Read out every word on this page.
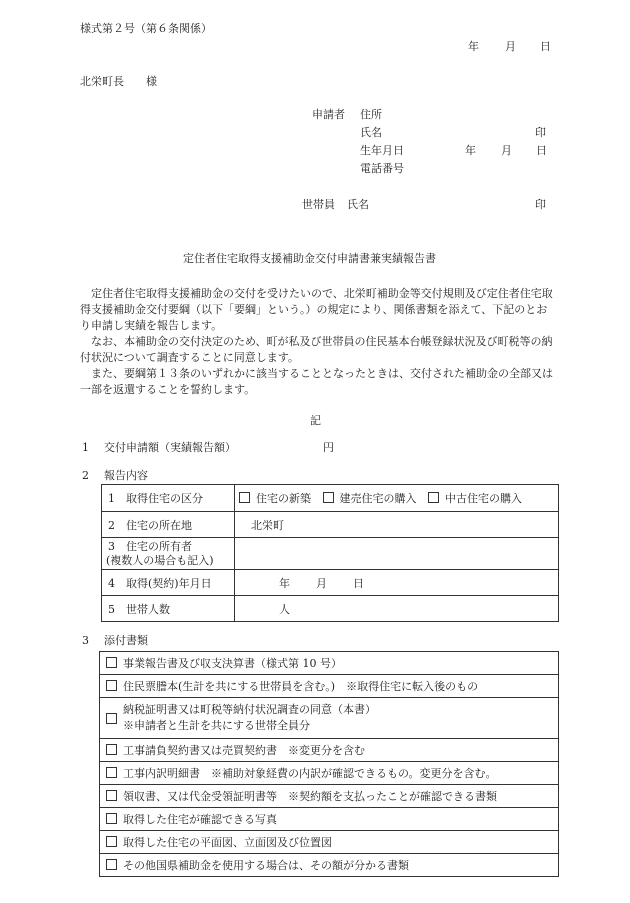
様式第２号（第６条関係）
年 月 日
北栄町長　　様
申請者 住所
氏名	印
生年月日	年 月 日
電話番号
世帯員 氏名	印
定住者住宅取得支援補助金交付申請書兼実績報告書

定住者住宅取得支援補助金の交付を受けたいので、北栄町補助金等交付規則及び定住者住宅取得支援補助金交付要綱（以下「要綱」という。）の規定により、関係書類を添えて、下記のとおり申請し実績を報告します。

なお、本補助金の交付決定のため、町が私及び世帯員の住民基本台帳登録状況及び町税等の納付状況について調査することに同意します。

また、要綱第１３条のいずれかに該当することとなったときは、交付された補助金の全部又は一部を返還することを誓約します。

記
1 交付申請額（実績報告額）	円
2 報告内容
1　取得住宅の区分	住宅の新築 建売住宅の購入 中古住宅の購入
2　住宅の所在地	北栄町

3　住宅の所有者
(複数人の場合も記入)	

4　取得(契約)年月日	年 月 日
5　世帯人数	人
3 添付書類
事業報告書及び収支決算書（様式第 10 号）
住民票謄本(生計を共にする世帯員を含む。)　※取得住宅に転入後のもの

納税証明書又は町税等納付状況調査の同意（本書）
※申請者と生計を共にする世帯全員分

工事請負契約書又は売買契約書　※変更分を含む
工事内訳明細書　※補助対象経費の内訳が確認できるもの。変更分を含む。
領収書、又は代金受領証明書等　※契約額を支払ったことが確認できる書類
取得した住宅が確認できる写真
取得した住宅の平面図、立面図及び位置図
その他国県補助金を使用する場合は、その額が分かる書類
